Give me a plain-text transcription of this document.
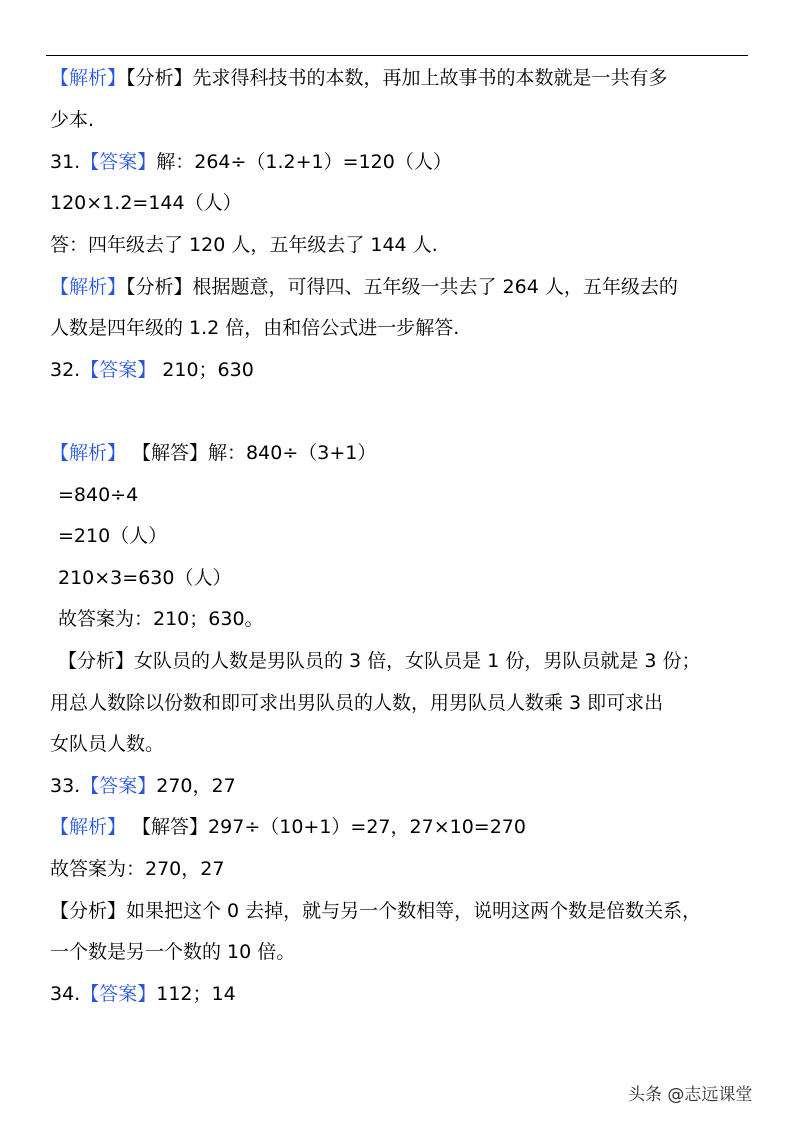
【解析】【分析】先求得科技书的本数，再加上故事书的本数就是一共有多
少本.
31.【答案】解：264÷（1.2+1）=120（人）
120×1.2=144（人）
答：四年级去了 120 人，五年级去了 144 人.
【解析】【分析】根据题意，可得四、五年级一共去了 264 人，五年级去的
人数是四年级的 1.2 倍，由和倍公式进一步解答.
32.【答案】 210；630
【解析】 【解答】解：840÷（3+1）
=840÷4
=210（人）
210×3=630（人）
故答案为：210；630。
【分析】女队员的人数是男队员的 3 倍，女队员是 1 份，男队员就是 3 份；
用总人数除以份数和即可求出男队员的人数，用男队员人数乘 3 即可求出
女队员人数。
33.【答案】270，27
【解析】 【解答】297÷（10+1）=27，27×10=270
故答案为：270，27
【分析】如果把这个 0 去掉，就与另一个数相等，说明这两个数是倍数关系，
一个数是另一个数的 10 倍。
34.【答案】112；14
头条 @志远课堂
